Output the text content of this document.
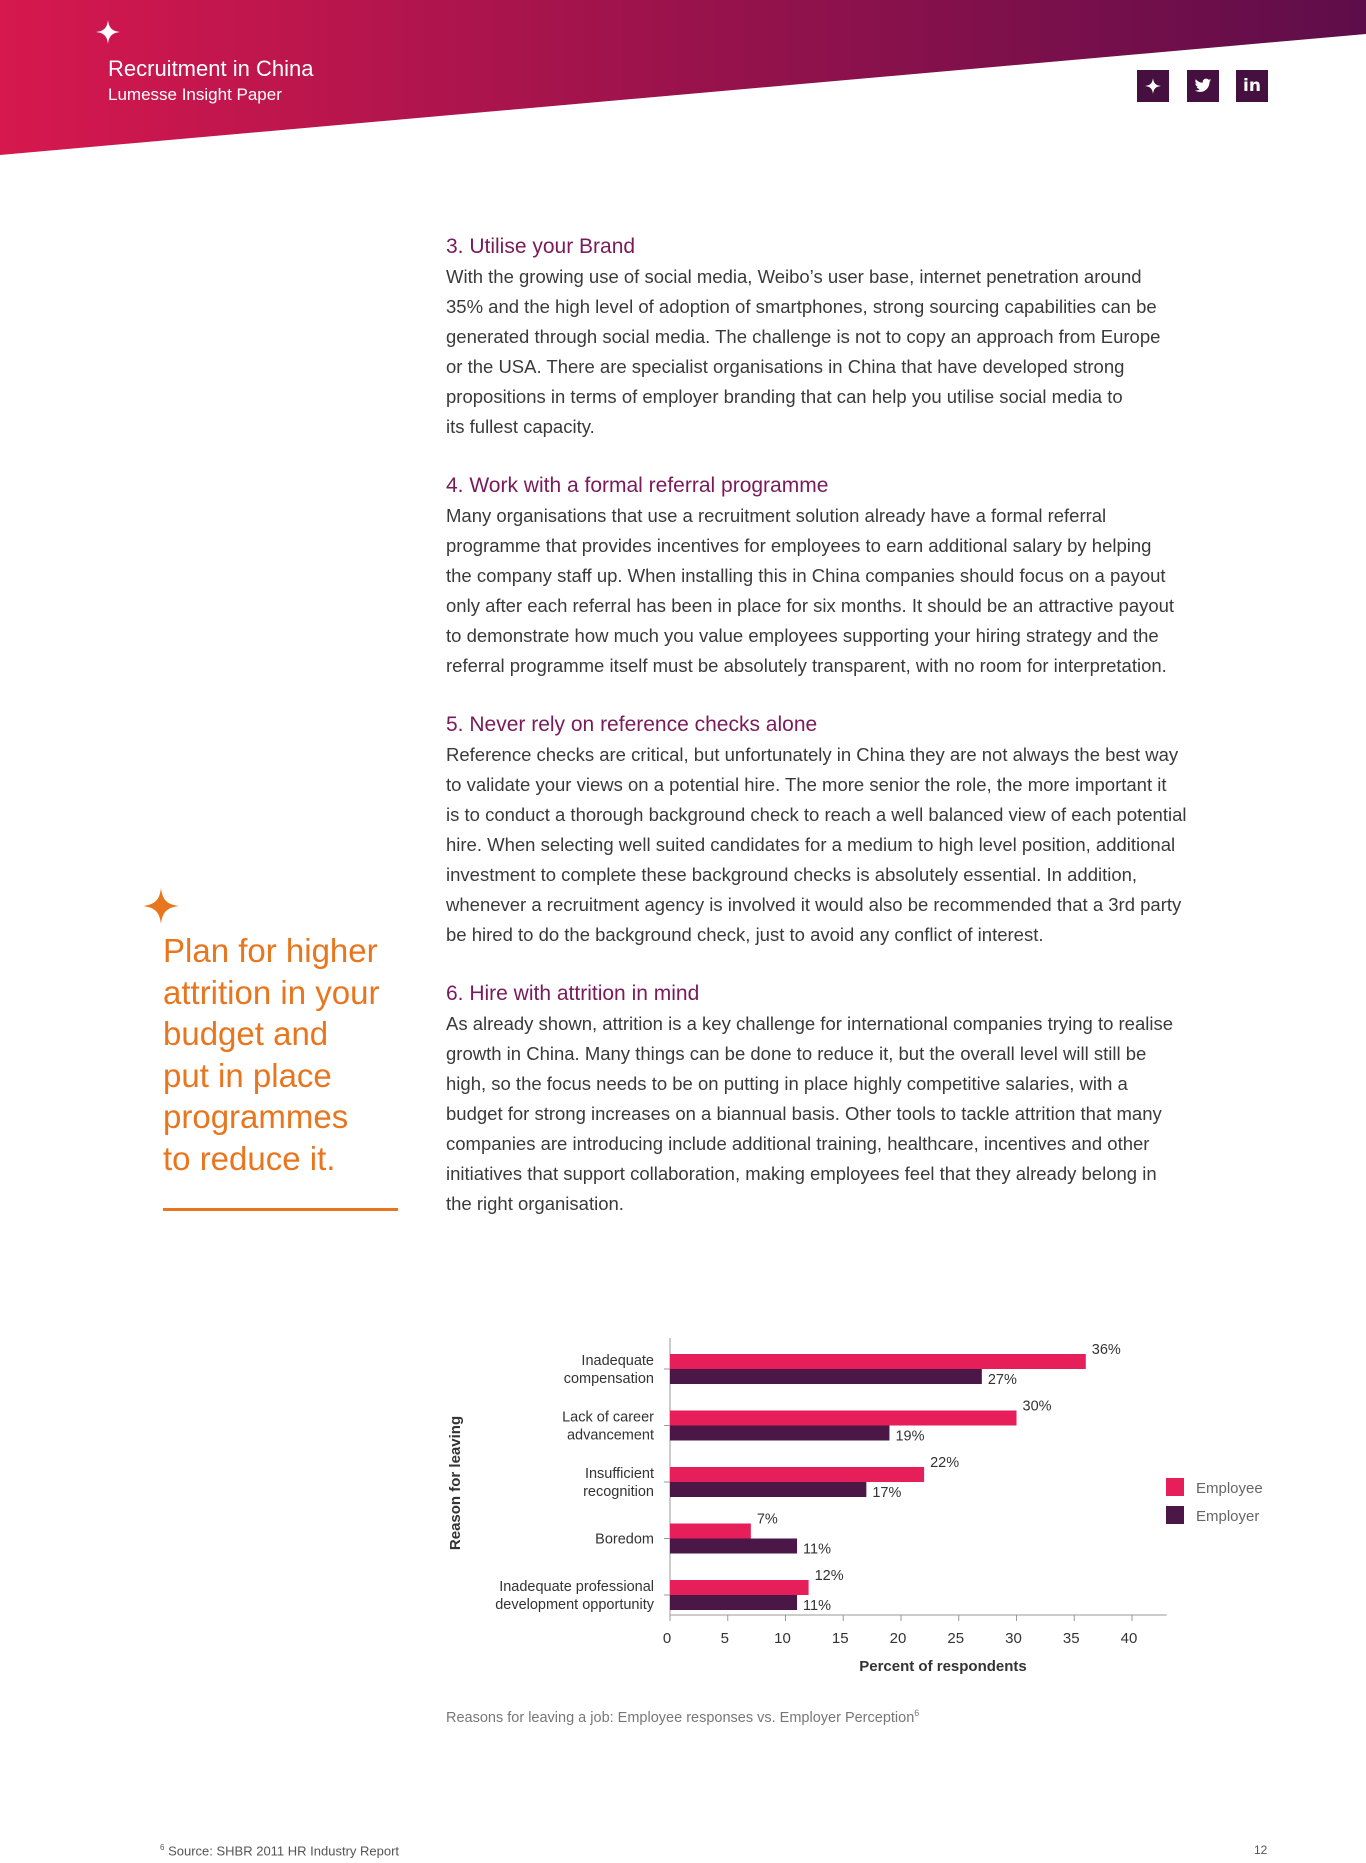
Recruitment in China
Lumesse Insight Paper	in
3. Utilise your Brand

With the growing use of social media, Weibo’s user base, internet penetration around
35% and the high level of adoption of smartphones, strong sourcing capabilities can be
generated through social media. The challenge is not to copy an approach from Europe
or the USA. There are specialist organisations in China that have developed strong
propositions in terms of employer branding that can help you utilise social media to
its fullest capacity.

4. Work with a formal referral programme

Many organisations that use a recruitment solution already have a formal referral
programme that provides incentives for employees to earn additional salary by helping
the company staff up. When installing this in China companies should focus on a payout
only after each referral has been in place for six months. It should be an attractive payout
to demonstrate how much you value employees supporting your hiring strategy and the
referral programme itself must be absolutely transparent, with no room for interpretation.

5. Never rely on reference checks alone

Reference checks are critical, but unfortunately in China they are not always the best way
to validate your views on a potential hire. The more senior the role, the more important it
is to conduct a thorough background check to reach a well balanced view of each potential
hire. When selecting well suited candidates for a medium to high level position, additional
investment to complete these background checks is absolutely essential. In addition,
whenever a recruitment agency is involved it would also be recommended that a 3rd party
be hired to do the background check, just to avoid any conflict of interest.

6. Hire with attrition in mind

As already shown, attrition is a key challenge for international companies trying to realise
growth in China. Many things can be done to reduce it, but the overall level will still be
high, so the focus needs to be on putting in place highly competitive salaries, with a
budget for strong increases on a biannual basis. Other tools to tackle attrition that many
companies are introducing include additional training, healthcare, incentives and other
initiatives that support collaboration, making employees feel that they already belong in
the right organisation.

Plan for higher
attrition in your
budget and
put in place
programmes
to reduce it.

Inadequate
compensation
36%
27%
Lack of career
advancement
30%
19%
Insufficient
recognition
22%
17%
Boredom
7%
11%
Inadequate professional
development opportunity
12%
11%
0	5	10	15	20	25	30	35	40
Percent of respondents
Reason for leaving	Employee
Employer
Reasons for leaving a job: Employee responses vs. Employer Perception$^6$
$^6$ Source: SHBR 2011 HR Industry Report	12
